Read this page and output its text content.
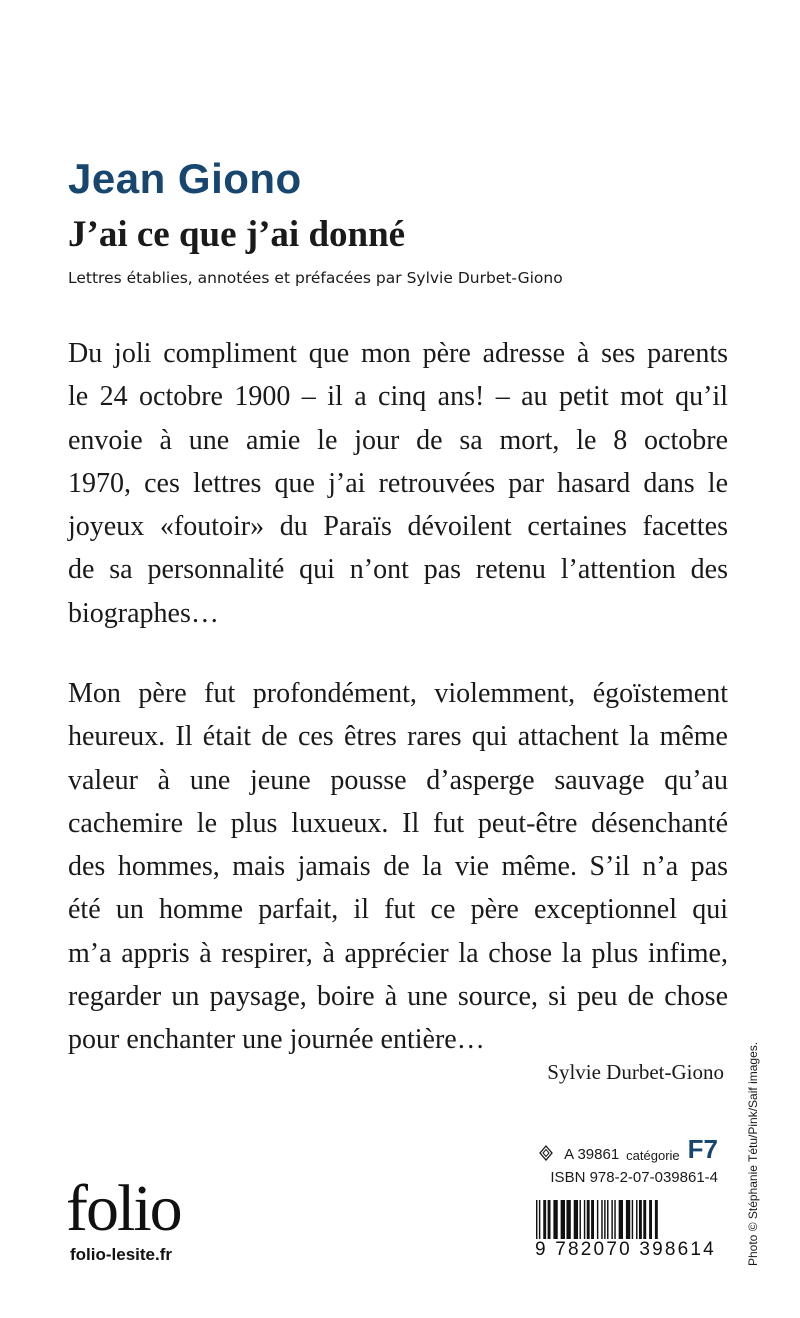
Jean Giono
J’ai ce que j’ai donné
Lettres établies, annotées et préfacées par Sylvie Durbet-Giono

Du joli compliment que mon père adresse à ses parents
le 24 octobre 1900 – il a cinq ans! – au petit mot qu’il
envoie à une amie le jour de sa mort, le 8 octobre
1970, ces lettres que j’ai retrouvées par hasard dans le
joyeux «foutoir» du Paraïs dévoilent certaines facettes
de sa personnalité qui n’ont pas retenu l’attention des
biographes…

Mon père fut profondément, violemment, égoïstement
heureux. Il était de ces êtres rares qui attachent la même
valeur à une jeune pousse d’asperge sauvage qu’au
cachemire le plus luxueux. Il fut peut-être désenchanté
des hommes, mais jamais de la vie même. S’il n’a pas
été un homme parfait, il fut ce père exceptionnel qui
m’a appris à respirer, à apprécier la chose la plus infime,
regarder un paysage, boire à une source, si peu de chose
pour enchanter une journée entière…

Sylvie Durbet-Giono Photo © Stéphanie Tétu/Pink/Saif images.
folio
folio-lesite.fr
A 39861 catégorie F7
ISBN 978-2-07-039861-4
9 782070 398614
